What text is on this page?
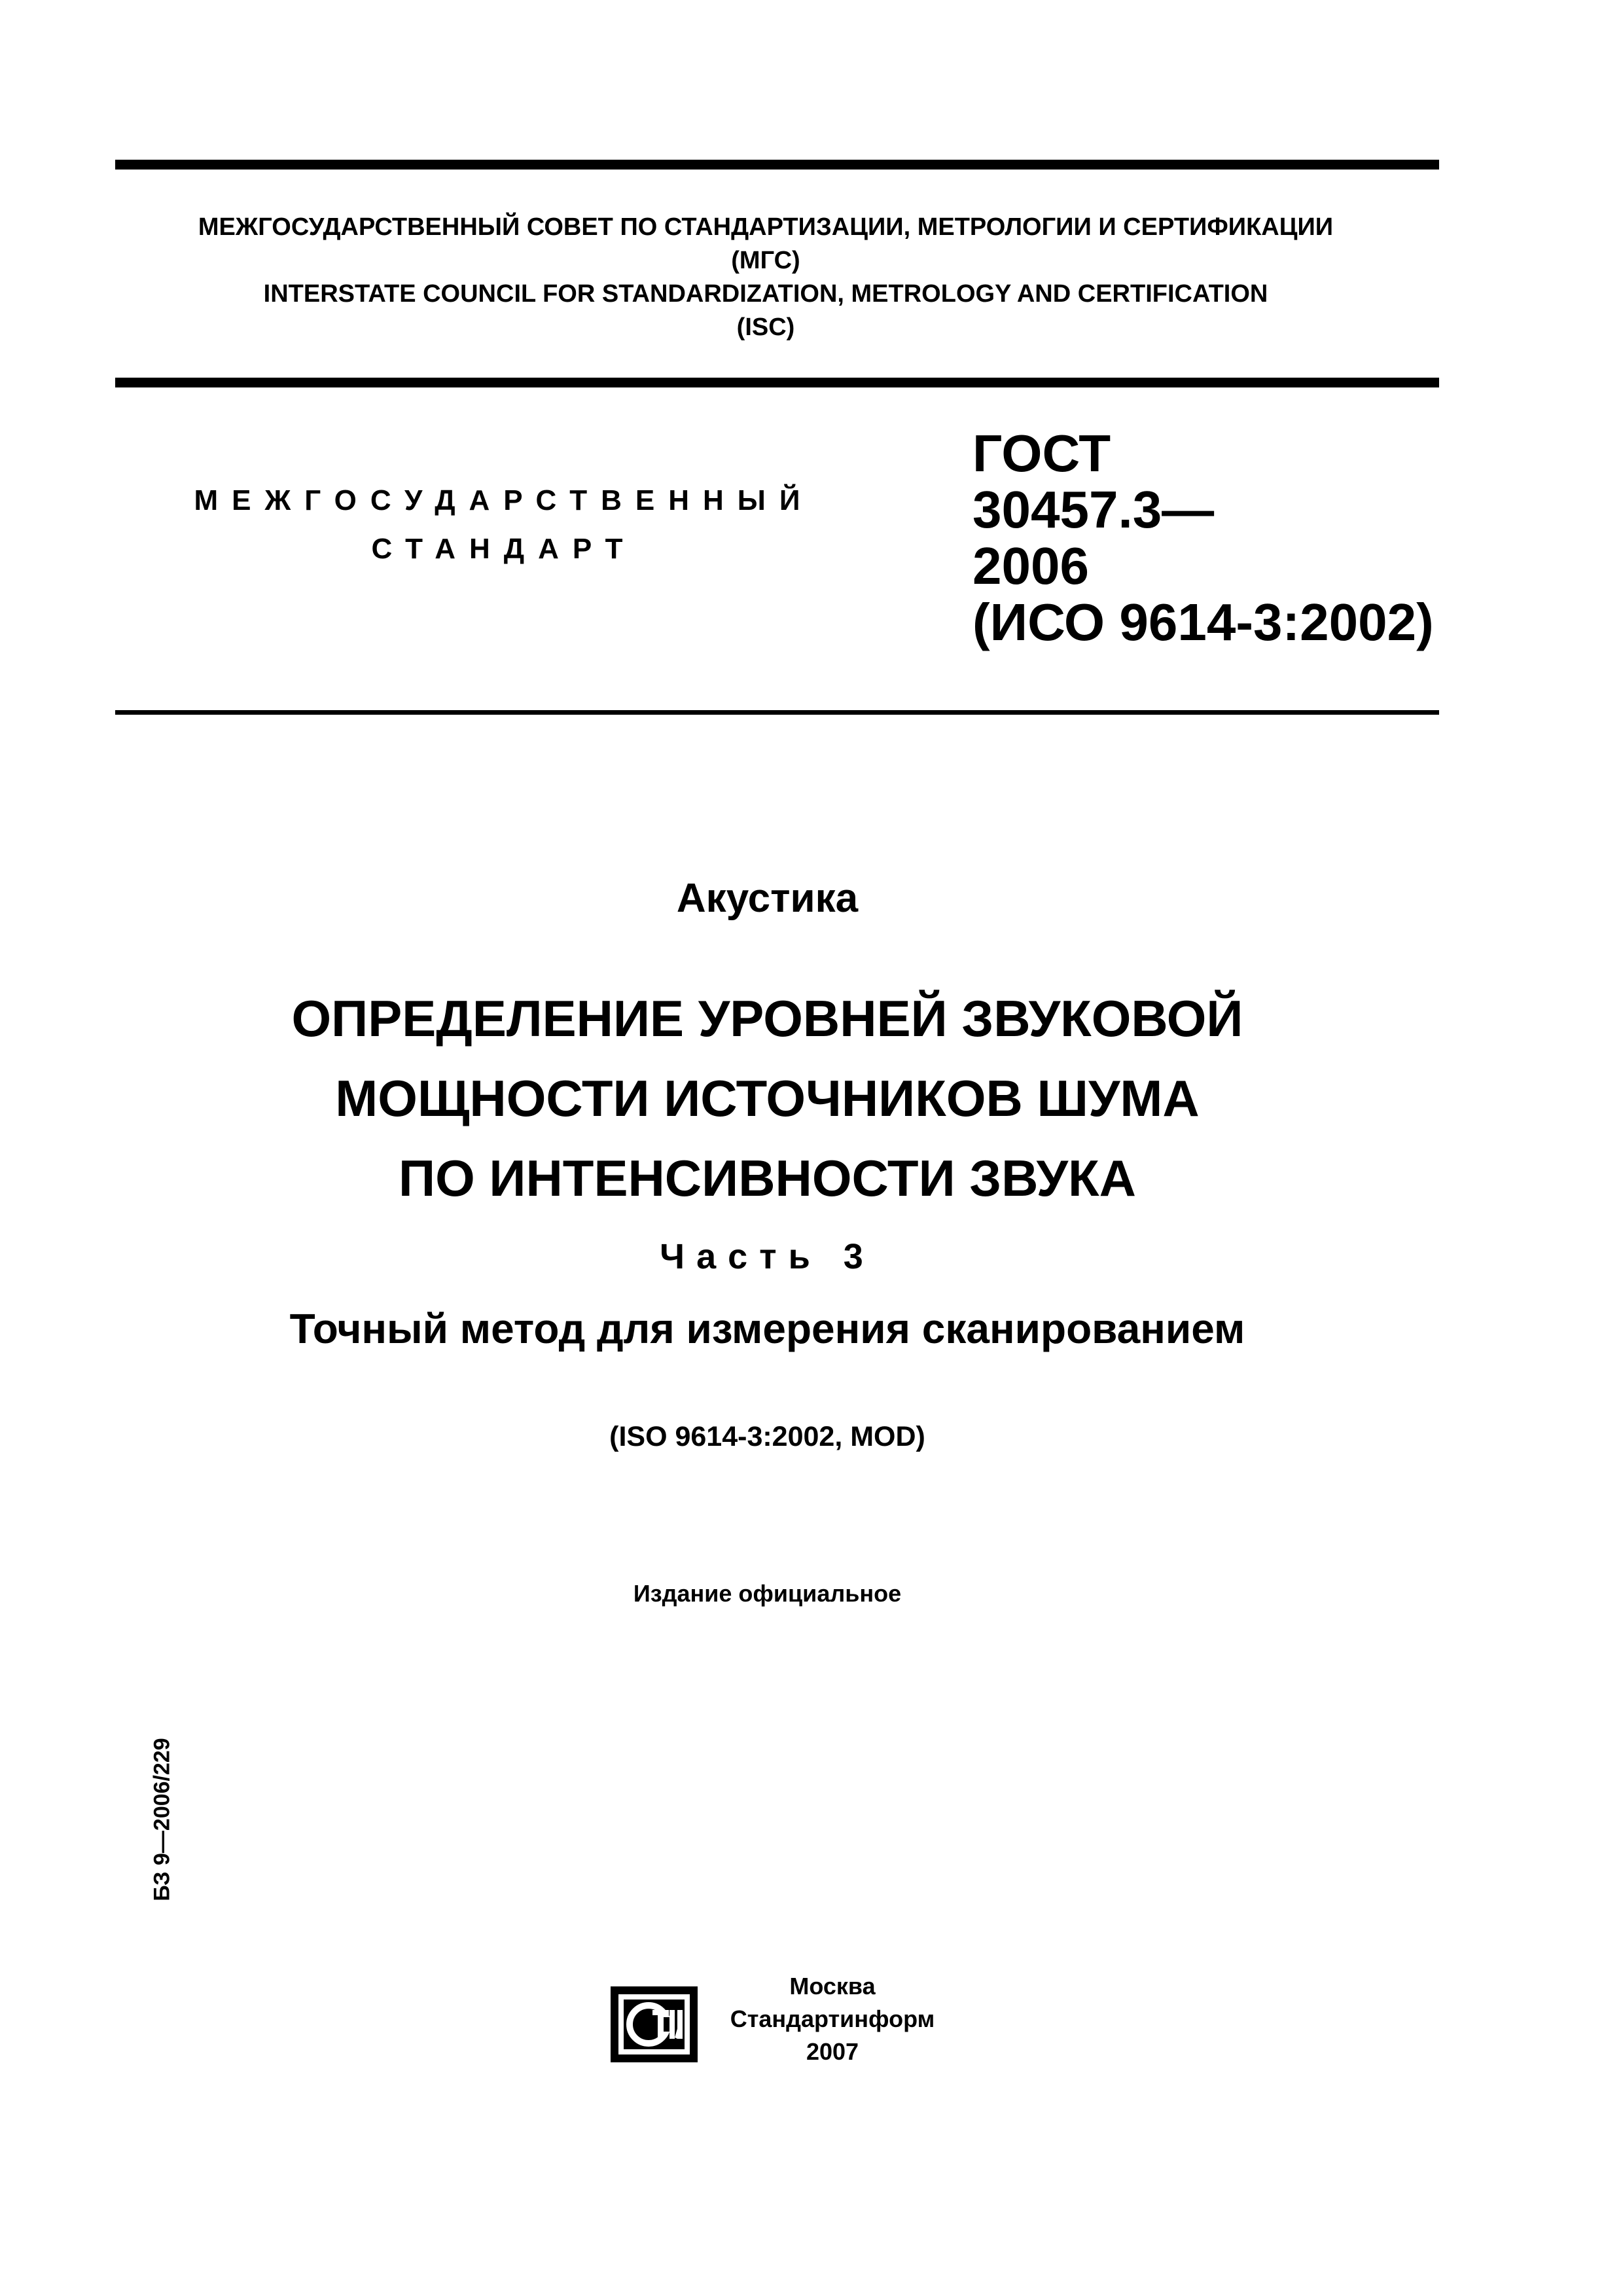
МЕЖГОСУДАРСТВЕННЫЙ СОВЕТ ПО СТАНДАРТИЗАЦИИ, МЕТРОЛОГИИ И СЕРТИФИКАЦИИ
(МГС)
INTERSTATE COUNCIL FOR STANDARDIZATION, METROLOGY AND CERTIFICATION
(ISC)
МЕЖГОСУДАРСТВЕННЫЙ
СТАНДАРТ
ГОСТ
30457.3—
2006
(ИСО 9614-3:2002)
Акустика
ОПРЕДЕЛЕНИЕ УРОВНЕЙ ЗВУКОВОЙ
МОЩНОСТИ ИСТОЧНИКОВ ШУМА
ПО ИНТЕНСИВНОСТИ ЗВУКА
Часть 3
Точный метод для измерения сканированием
(ISO 9614-3:2002, MOD)
Издание официальное
БЗ 9—2006/229
Москва
Стандартинформ
2007
